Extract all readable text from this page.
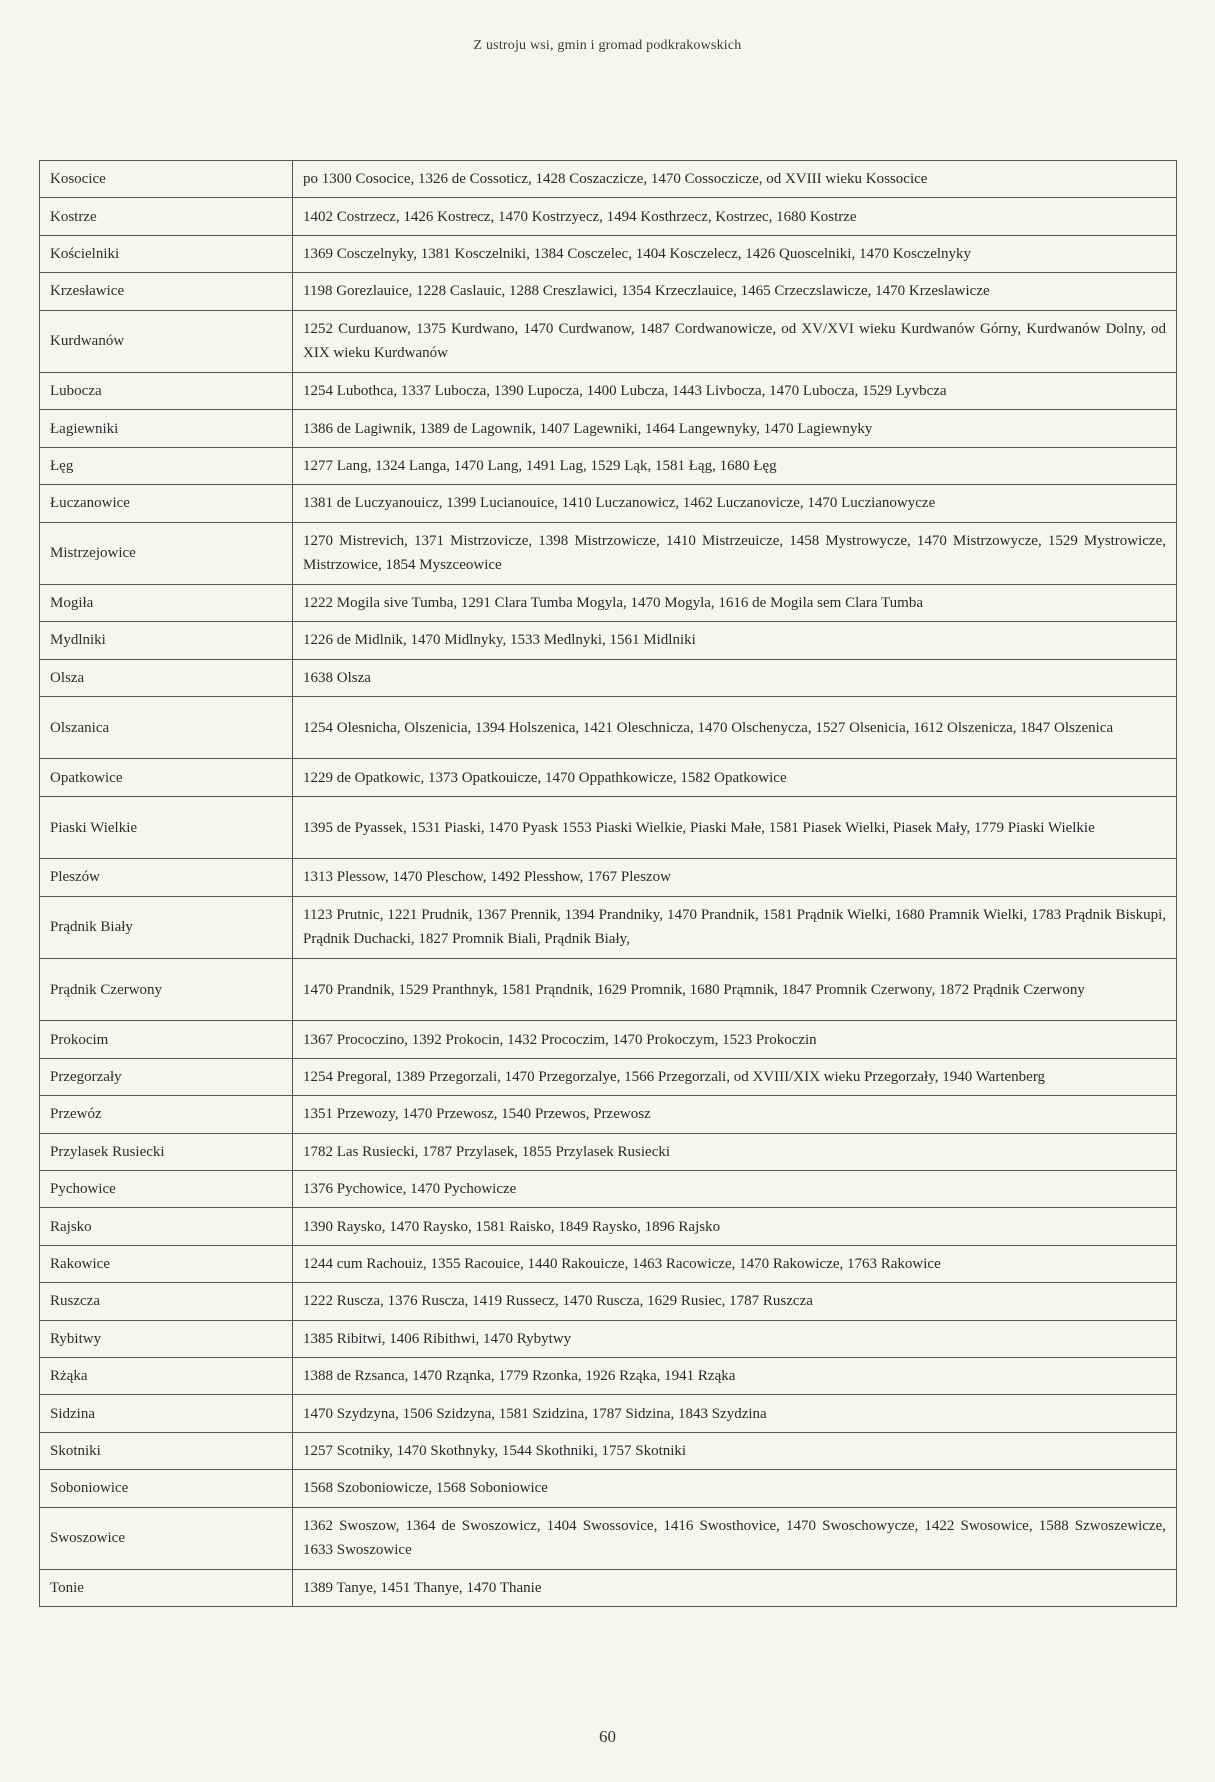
Z ustroju wsi, gmin i gromad podkrakowskich
Kosocice	po 1300 Cosocice, 1326 de Cossoticz, 1428 Coszaczicze, 1470 Cossoczicze, od XVIII wieku Kossocice
Kostrze	1402 Costrzecz, 1426 Kostrecz, 1470 Kostrzyecz, 1494 Kosthrzecz, Kostrzec, 1680 Kostrze
Kościelniki	1369 Cosczelnyky, 1381 Kosczelniki, 1384 Cosczelec, 1404 Kosczelecz, 1426 Quoscelniki, 1470 Kosczelnyky
Krzesławice	1198 Gorezlauice, 1228 Caslauic, 1288 Creszlawici, 1354 Krzeczlauice, 1465 Crzeczslawicze, 1470 Krzeslawicze
Kurdwanów	1252 Curduanow, 1375 Kurdwano, 1470 Curdwanow, 1487 Cordwanowicze, od XV/XVI wieku Kurdwanów Górny, Kurdwanów Dolny, od XIX wieku Kurdwanów
Lubocza	1254 Lubothca, 1337 Lubocza, 1390 Lupocza, 1400 Lubcza, 1443 Livbocza, 1470 Lubocza, 1529 Lyvbcza
Łagiewniki	1386 de Lagiwnik, 1389 de Lagownik, 1407 Lagewniki, 1464 Langewnyky, 1470 Lagiewnyky
Łęg	1277 Lang, 1324 Langa, 1470 Lang, 1491 Lag, 1529 Ląk, 1581 Łąg, 1680 Łęg
Łuczanowice	1381 de Luczyanouicz, 1399 Lucianouice, 1410 Luczanowicz, 1462 Luczanovicze, 1470 Luczianowycze
Mistrzejowice	1270 Mistrevich, 1371 Mistrzovicze, 1398 Mistrzowicze, 1410 Mistrzeuicze, 1458 Mystrowycze, 1470 Mistrzowycze, 1529 Mystrowicze, Mistrzowice, 1854 Myszceowice
Mogiła	1222 Mogila sive Tumba, 1291 Clara Tumba Mogyla, 1470 Mogyla, 1616 de Mogila sem Clara Tumba
Mydlniki	1226 de Midlnik, 1470 Midlnyky, 1533 Medlnyki, 1561 Midlniki
Olsza	1638 Olsza
Olszanica	1254 Olesnicha, Olszenicia, 1394 Holszenica, 1421 Oleschnicza, 1470 Olschenycza, 1527 Olsenicia, 1612 Olszenicza, 1847 Olszenica
Opatkowice	1229 de Opatkowic, 1373 Opatkouicze, 1470 Oppathkowicze, 1582 Opatkowice
Piaski Wielkie	1395 de Pyassek, 1531 Piaski, 1470 Pyask 1553 Piaski Wielkie, Piaski Małe, 1581 Piasek Wielki, Piasek Mały, 1779 Piaski Wielkie
Pleszów	1313 Plessow, 1470 Pleschow, 1492 Plesshow, 1767 Pleszow
Prądnik Biały	1123 Prutnic, 1221 Prudnik, 1367 Prennik, 1394 Prandniky, 1470 Prandnik, 1581 Prądnik Wielki, 1680 Pramnik Wielki, 1783 Prądnik Biskupi, Prądnik Duchacki, 1827 Promnik Biali, Prądnik Biały,
Prądnik Czerwony	1470 Prandnik, 1529 Pranthnyk, 1581 Prąndnik, 1629 Promnik, 1680 Prąmnik, 1847 Promnik Czerwony, 1872 Prądnik Czerwony
Prokocim	1367 Prococzino, 1392 Prokocin, 1432 Prococzim, 1470 Prokoczym, 1523 Prokoczin
Przegorzały	1254 Pregoral, 1389 Przegorzali, 1470 Przegorzalye, 1566 Przegorzali, od XVIII/XIX wieku Przegorzały, 1940 Wartenberg
Przewóz	1351 Przewozy, 1470 Przewosz, 1540 Przewos, Przewosz
Przylasek Rusiecki	1782 Las Rusiecki, 1787 Przylasek, 1855 Przylasek Rusiecki
Pychowice	1376 Pychowice, 1470 Pychowicze
Rajsko	1390 Raysko, 1470 Raysko, 1581 Raisko, 1849 Raysko, 1896 Rajsko
Rakowice	1244 cum Rachouiz, 1355 Racouice, 1440 Rakouicze, 1463 Racowicze, 1470 Rakowicze, 1763 Rakowice
Ruszcza	1222 Ruscza, 1376 Ruscza, 1419 Russecz, 1470 Ruscza, 1629 Rusiec, 1787 Ruszcza
Rybitwy	1385 Ribitwi, 1406 Ribithwi, 1470 Rybytwy
Rżąka	1388 de Rzsanca, 1470 Rząnka, 1779 Rzonka, 1926 Rząka, 1941 Rząka
Sidzina	1470 Szydzyna, 1506 Szidzyna, 1581 Szidzina, 1787 Sidzina, 1843 Szydzina
Skotniki	1257 Scotniky, 1470 Skothnyky, 1544 Skothniki, 1757 Skotniki
Soboniowice	1568 Szoboniowicze, 1568 Soboniowice
Swoszowice	1362 Swoszow, 1364 de Swoszowicz, 1404 Swossovice, 1416 Swosthovice, 1470 Swoschowycze, 1422 Swosowice, 1588 Szwoszewicze, 1633 Swoszowice
Tonie	1389 Tanye, 1451 Thanye, 1470 Thanie
60
